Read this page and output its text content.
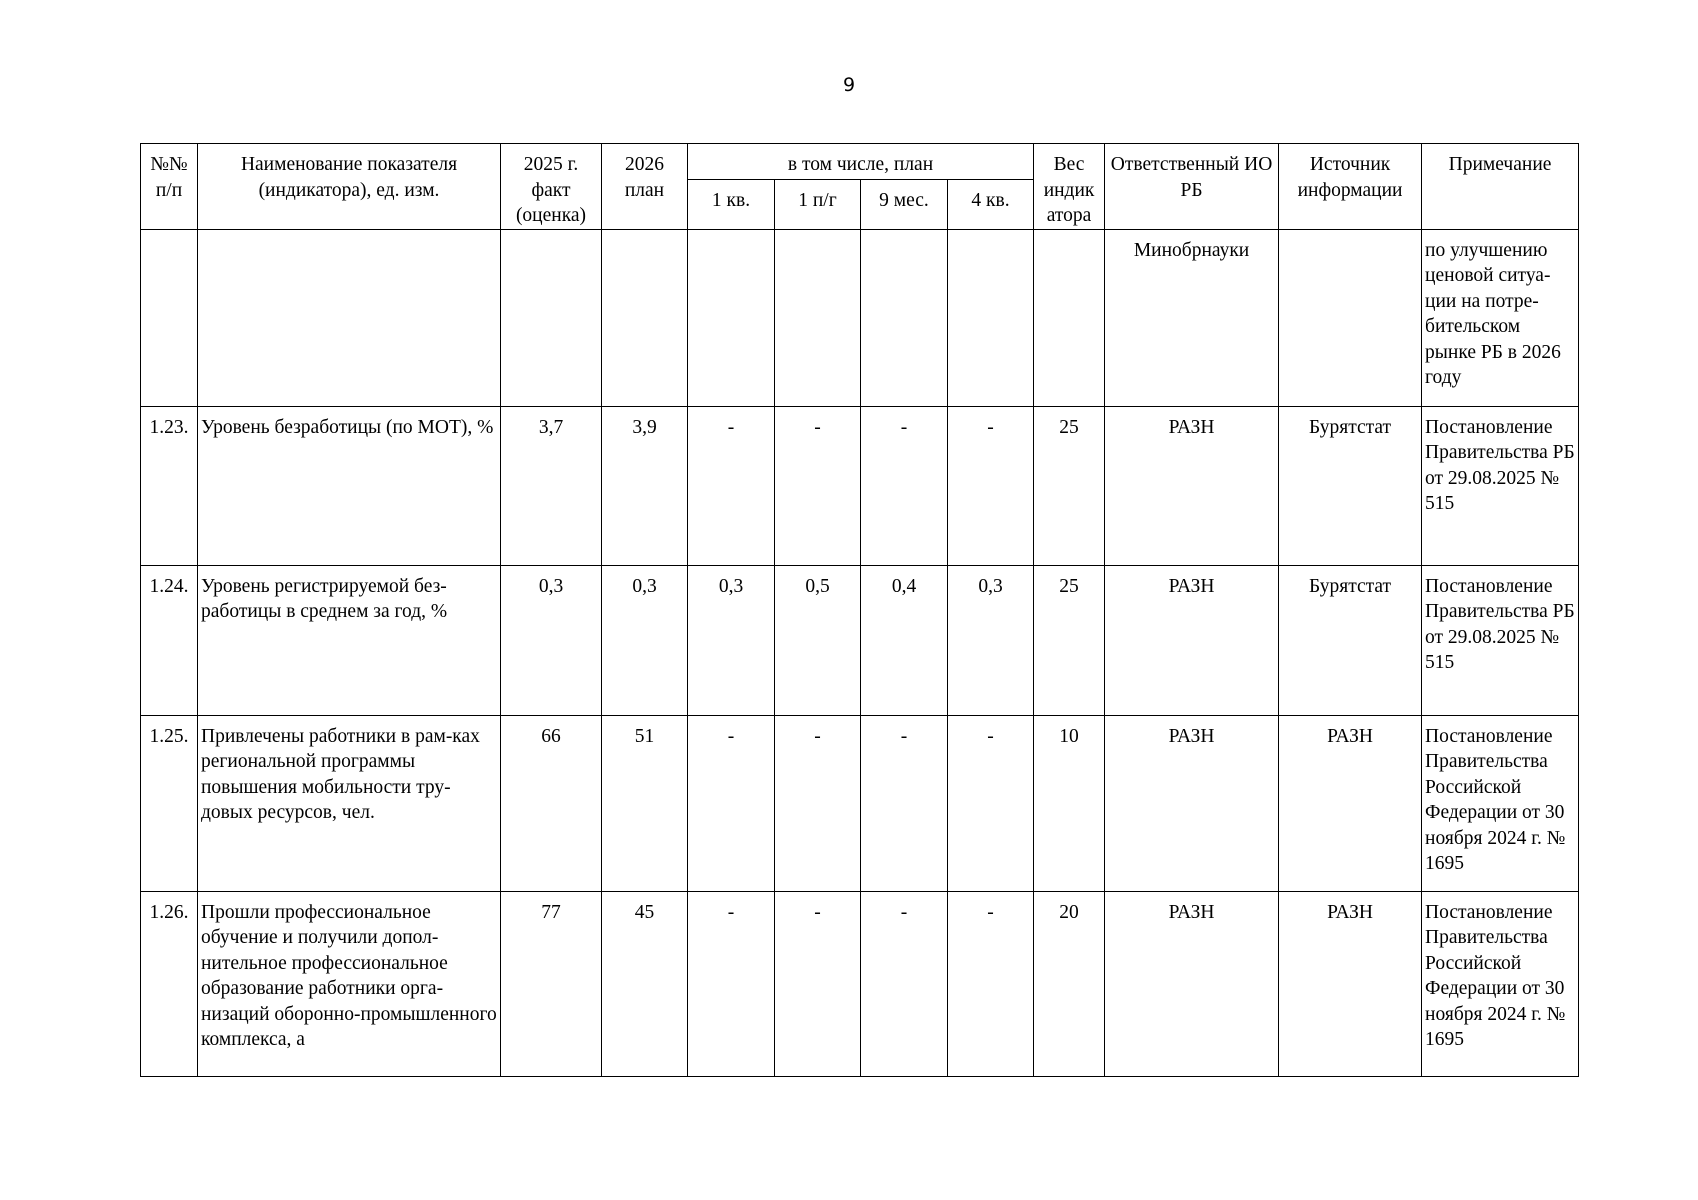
9
№№ п/п	Наименование показателя (индикатора), ед. изм.	2025 г. факт (оценка)	2026 план	в том числе, план				Вес индик атора	Ответственный ИО РБ	Источник информации	Примечание
				1 кв.	1 п/г	9 мес.	4 кв.				
									Минобрнауки		по улучшению ценовой ситуа-ции на потре-бительском рынке РБ в 2026 году
1.23.	Уровень безработицы (по МОТ), %	3,7	3,9	-	-	-	-	25	РАЗН	Бурятстат	Постановление Правительства РБ от 29.08.2025 № 515
1.24.	Уровень регистрируемой без-работицы в среднем за год, %	0,3	0,3	0,3	0,5	0,4	0,3	25	РАЗН	Бурятстат	Постановление Правительства РБ от 29.08.2025 № 515
1.25.	Привлечены работники в рам-ках региональной программы повышения мобильности тру-довых ресурсов, чел.	66	51	-	-	-	-	10	РАЗН	РАЗН	Постановление Правительства Российской Федерации от 30 ноября 2024 г. № 1695
1.26.	Прошли профессиональное обучение и получили допол-нительное профессиональное образование работники орга-низаций оборонно-промышленного комплекса, а	77	45	-	-	-	-	20	РАЗН	РАЗН	Постановление Правительства Российской Федерации от 30 ноября 2024 г. № 1695
